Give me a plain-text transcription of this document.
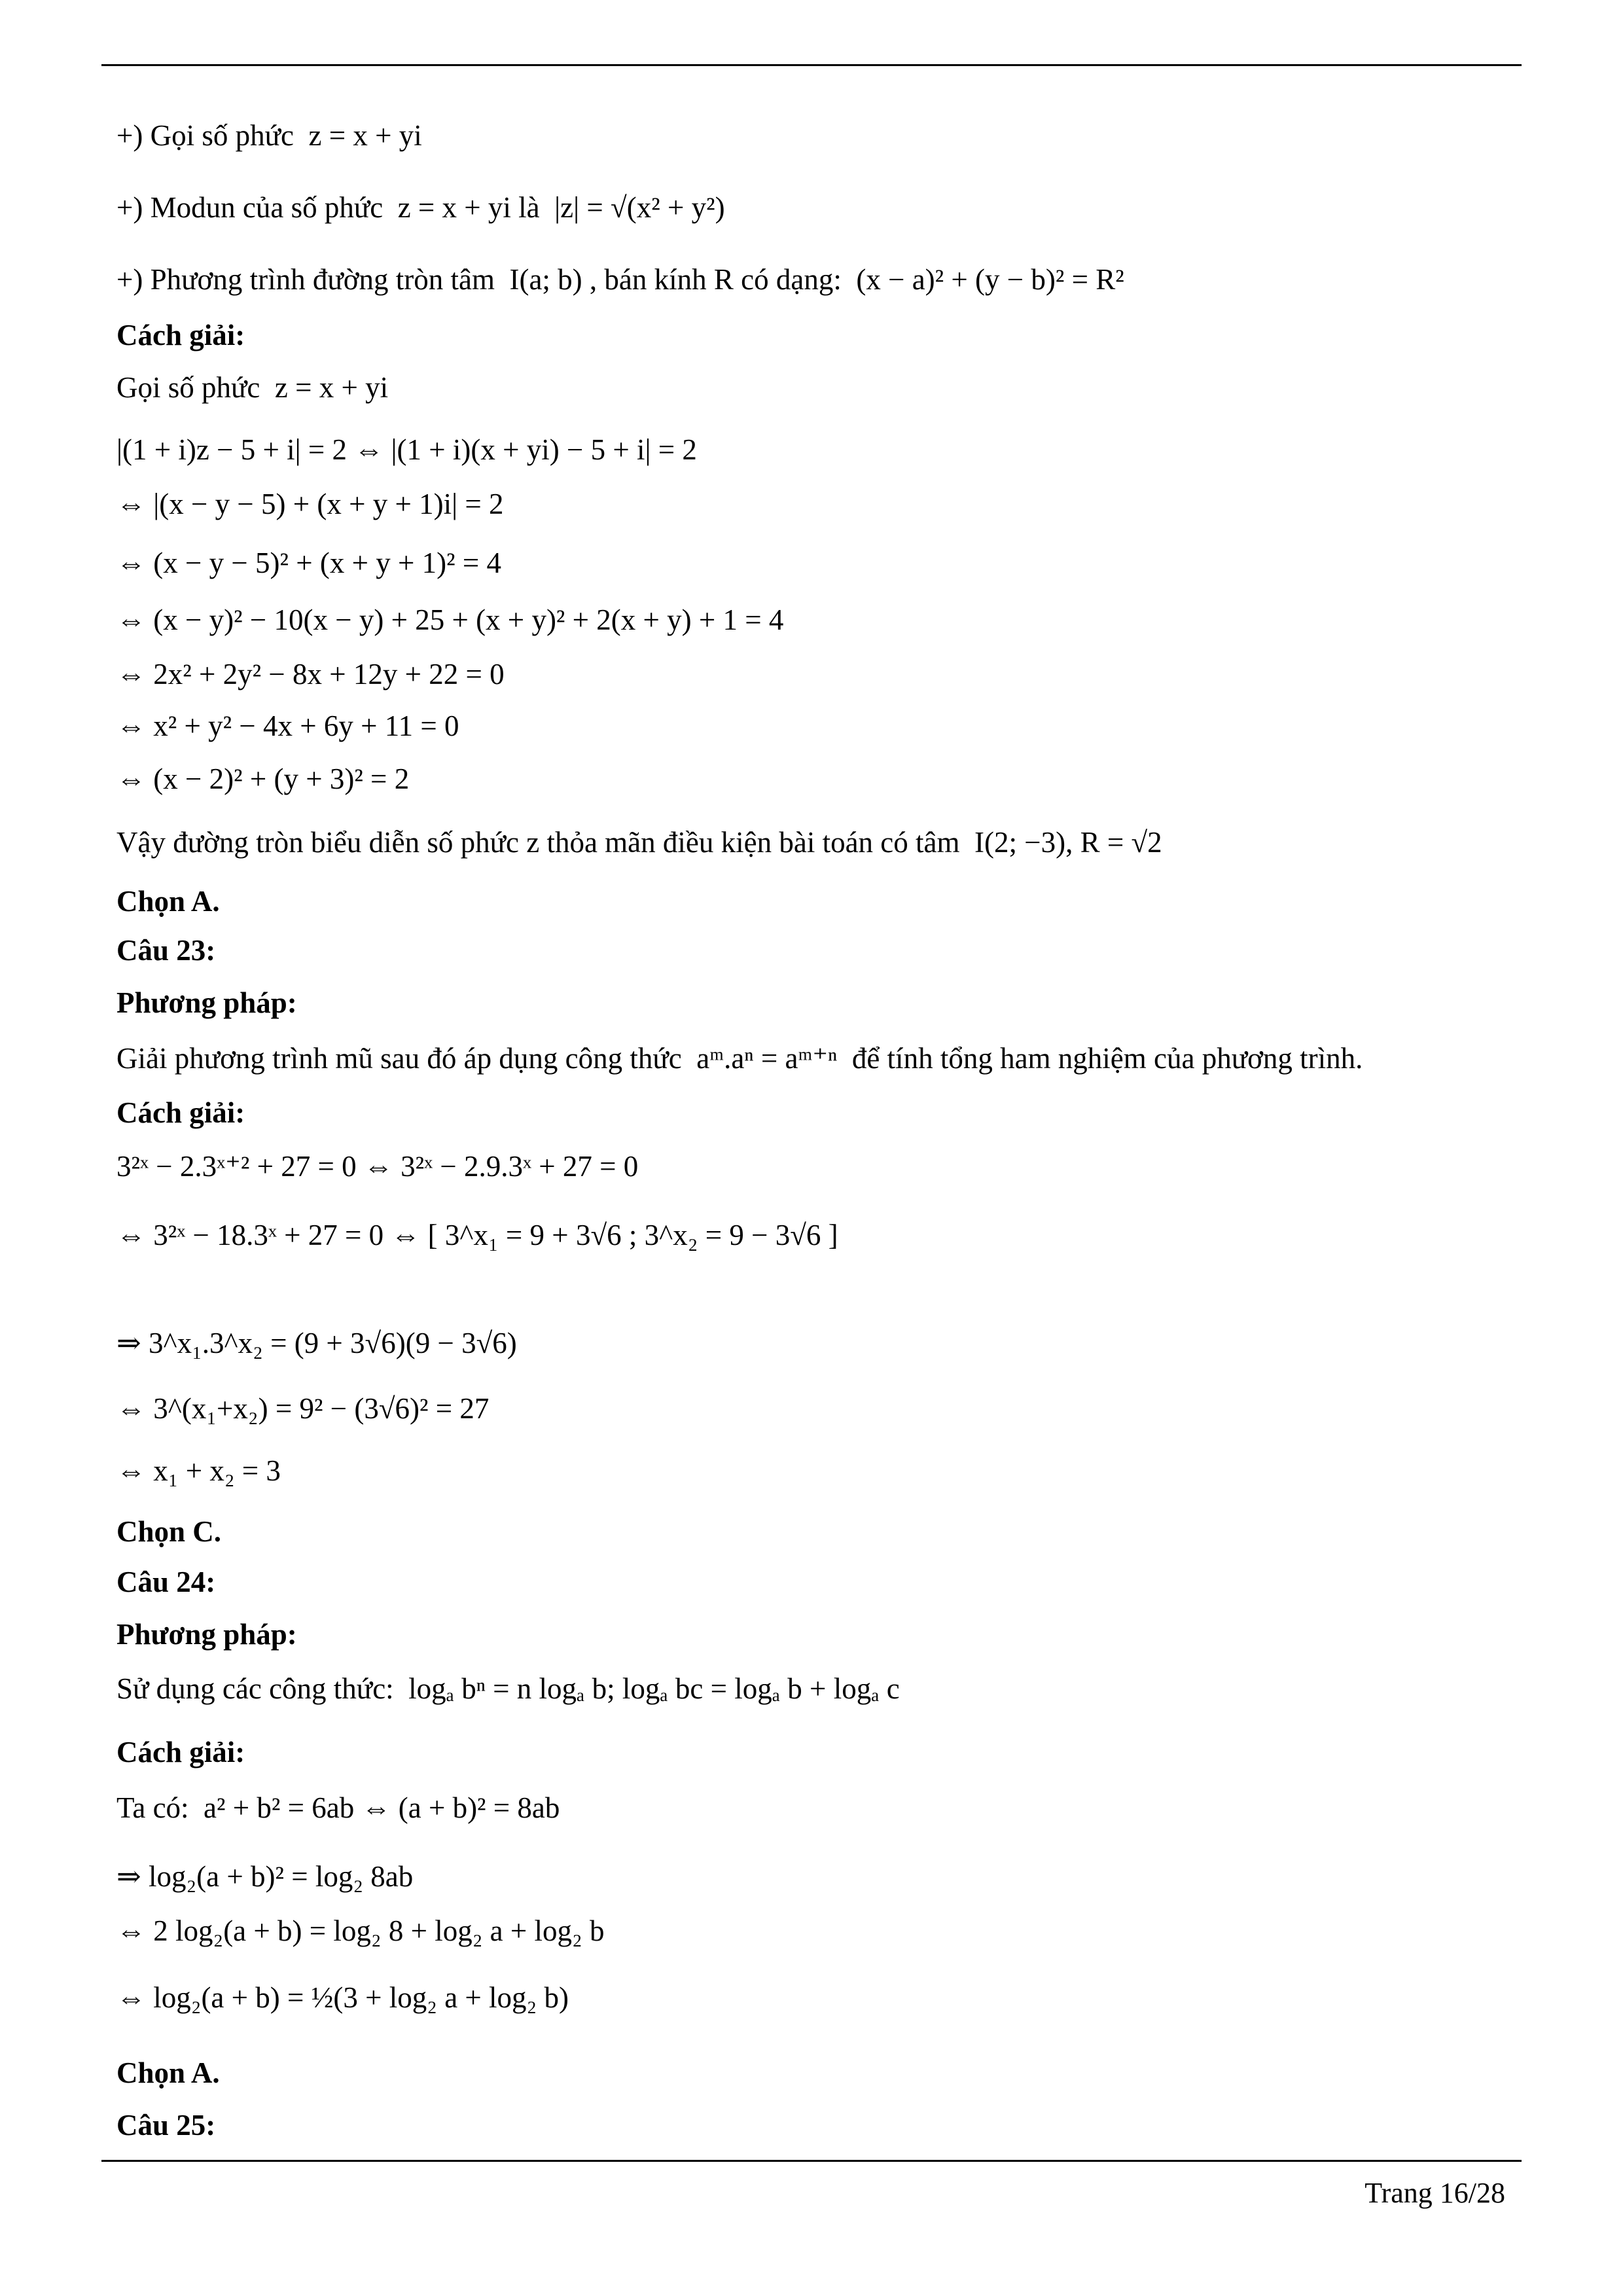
+) Gọi số phức  z = x + yi
+) Modun của số phức  z = x + yi là  |z| = √(x² + y²)
+) Phương trình đường tròn tâm  I(a; b) , bán kính R có dạng:  (x − a)² + (y − b)² = R²
Cách giải:
Gọi số phức  z = x + yi
|(1 + i)z − 5 + i| = 2 ⇔ |(1 + i)(x + yi) − 5 + i| = 2
⇔ |(x − y − 5) + (x + y + 1)i| = 2
⇔ (x − y − 5)² + (x + y + 1)² = 4
⇔ (x − y)² − 10(x − y) + 25 + (x + y)² + 2(x + y) + 1 = 4
⇔ 2x² + 2y² − 8x + 12y + 22 = 0
⇔ x² + y² − 4x + 6y + 11 = 0
⇔ (x − 2)² + (y + 3)² = 2
Vậy đường tròn biểu diễn số phức z thỏa mãn điều kiện bài toán có tâm  I(2; −3), R = √2
Chọn A.
Câu 23:
Phương pháp:
Giải phương trình mũ sau đó áp dụng công thức  aᵐ.aⁿ = aᵐ⁺ⁿ  để tính tổng ham nghiệm của phương trình.
Cách giải:
3²ˣ − 2.3ˣ⁺² + 27 = 0 ⇔ 3²ˣ − 2.9.3ˣ + 27 = 0
⇔ 3²ˣ − 18.3ˣ + 27 = 0 ⇔ [ 3^x₁ = 9 + 3√6 ; 3^x₂ = 9 − 3√6 ]
⇒ 3^x₁.3^x₂ = (9 + 3√6)(9 − 3√6)
⇔ 3^(x₁+x₂) = 9² − (3√6)² = 27
⇔ x₁ + x₂ = 3
Chọn C.
Câu 24:
Phương pháp:
Sử dụng các công thức:  logₐ bⁿ = n logₐ b; logₐ bc = logₐ b + logₐ c
Cách giải:
Ta có:  a² + b² = 6ab ⇔ (a + b)² = 8ab
⇒ log₂(a + b)² = log₂ 8ab
⇔ 2 log₂(a + b) = log₂ 8 + log₂ a + log₂ b
⇔ log₂(a + b) = ½(3 + log₂ a + log₂ b)
Chọn A.
Câu 25:
Trang 16/28
